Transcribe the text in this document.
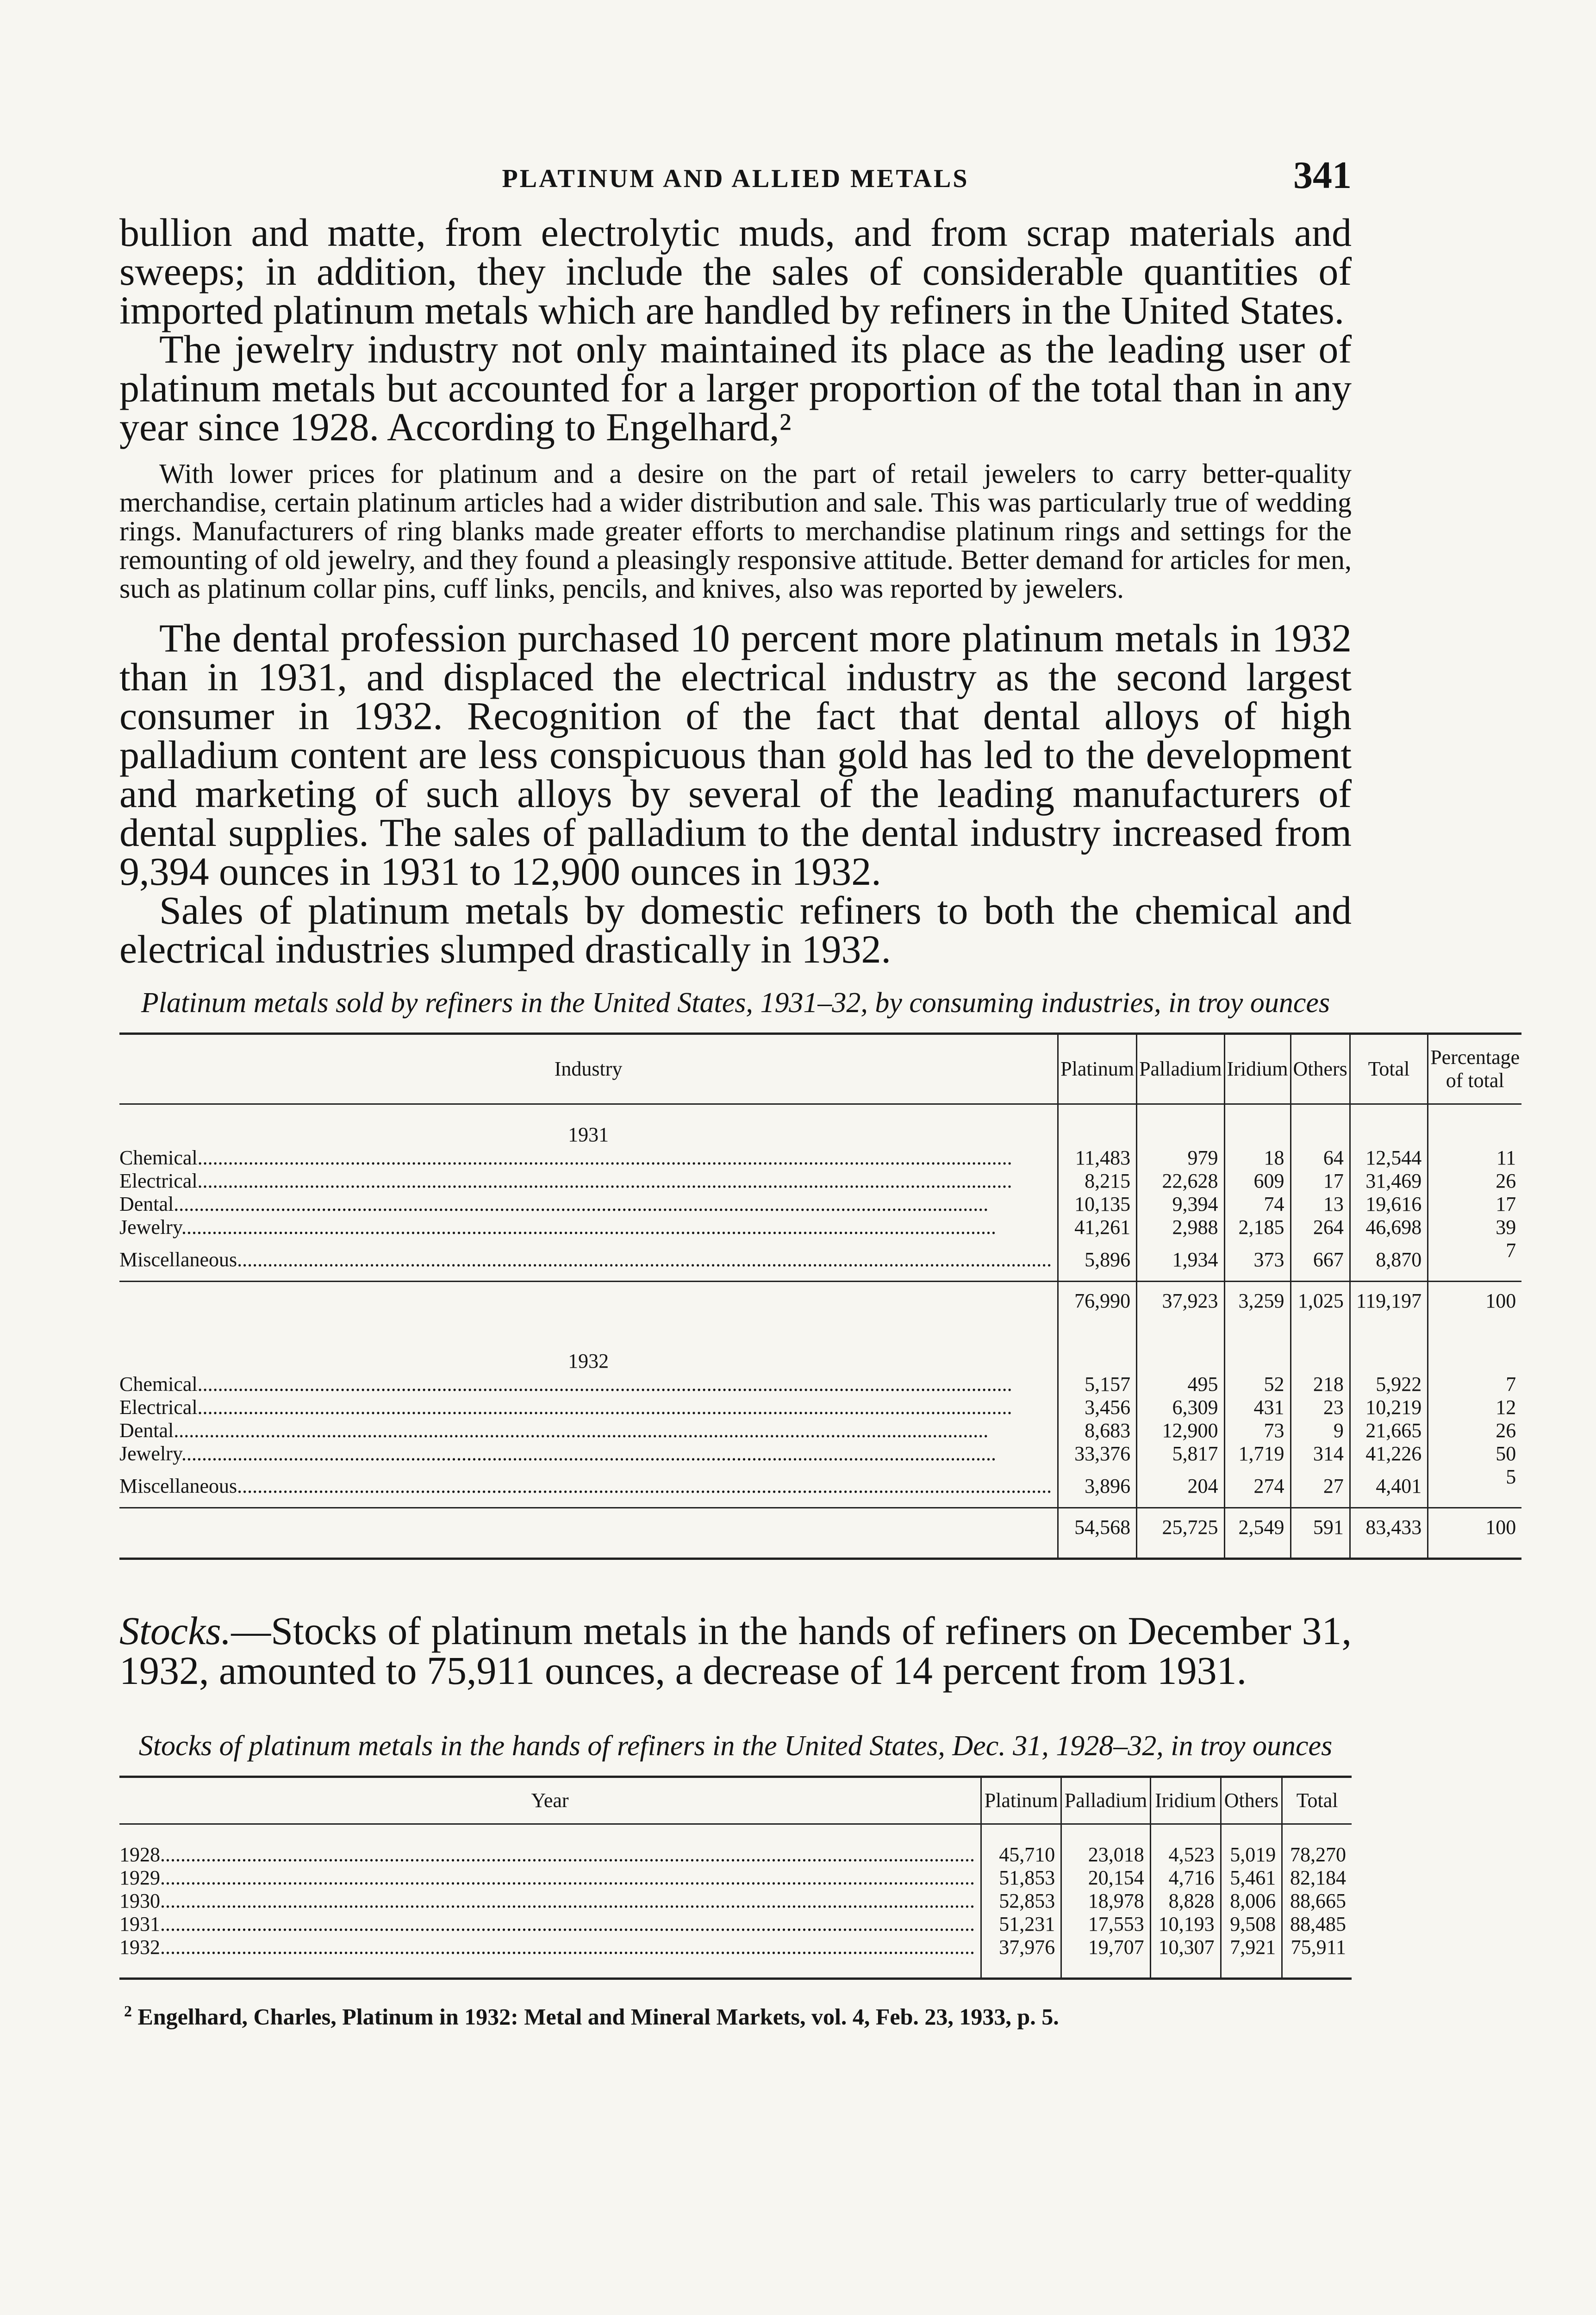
PLATINUM AND ALLIED METALS	341

bullion and matte, from electrolytic muds, and from scrap materials and sweeps; in addition, they include the sales of considerable quantities of imported platinum metals which are handled by refiners in the United States.

The jewelry industry not only maintained its place as the leading user of platinum metals but accounted for a larger proportion of the total than in any year since 1928. According to Engelhard,²

With lower prices for platinum and a desire on the part of retail jewelers to carry better-quality merchandise, certain platinum articles had a wider distribution and sale. This was particularly true of wedding rings. Manufacturers of ring blanks made greater efforts to merchandise platinum rings and settings for the remounting of old jewelry, and they found a pleasingly responsive attitude. Better demand for articles for men, such as platinum collar pins, cuff links, pencils, and knives, also was reported by jewelers.

The dental profession purchased 10 percent more platinum metals in 1932 than in 1931, and displaced the electrical industry as the second largest consumer in 1932. Recognition of the fact that dental alloys of high palladium content are less conspicuous than gold has led to the development and marketing of such alloys by several of the leading manufacturers of dental supplies. The sales of palladium to the dental industry increased from 9,394 ounces in 1931 to 12,900 ounces in 1932.

Sales of platinum metals by domestic refiners to both the chemical and electrical industries slumped drastically in 1932.

Platinum metals sold by refiners in the United States, 1931–32, by consuming industries, in troy ounces
Industry	Platinum	Palladium	Iridium	Others	Total	Percentage of total
1931						
Chemical................................................................................................................................................................	11,483	979	18	64	12,544	11
Electrical................................................................................................................................................................	8,215	22,628	609	17	31,469	26
Dental................................................................................................................................................................	10,135	9,394	74	13	19,616	17
Jewelry................................................................................................................................................................	41,261	2,988	2,185	264	46,698	39
Miscellaneous................................................................................................................................................................	5,896	1,934	373	667	8,870	7
	76,990	37,923	3,259	1,025	119,197	100
1932						
Chemical................................................................................................................................................................	5,157	495	52	218	5,922	7
Electrical................................................................................................................................................................	3,456	6,309	431	23	10,219	12
Dental................................................................................................................................................................	8,683	12,900	73	9	21,665	26
Jewelry................................................................................................................................................................	33,376	5,817	1,719	314	41,226	50
Miscellaneous................................................................................................................................................................	3,896	204	274	27	4,401	5
	54,568	25,725	2,549	591	83,433	100

Stocks.—Stocks of platinum metals in the hands of refiners on December 31, 1932, amounted to 75,911 ounces, a decrease of 14 percent from 1931.

Stocks of platinum metals in the hands of refiners in the United States, Dec. 31, 1928–32, in troy ounces
Year	Platinum	Palladium	Iridium	Others	Total

1928................................................................................................................................................................	45,710	23,018	4,523	5,019	78,270
1929................................................................................................................................................................	51,853	20,154	4,716	5,461	82,184
1930................................................................................................................................................................	52,853	18,978	8,828	8,006	88,665
1931................................................................................................................................................................	51,231	17,553	10,193	9,508	88,485
1932................................................................................................................................................................	37,976	19,707	10,307	7,921	75,911

$^2$ Engelhard, Charles, Platinum in 1932: Metal and Mineral Markets, vol. 4, Feb. 23, 1933, p. 5.
